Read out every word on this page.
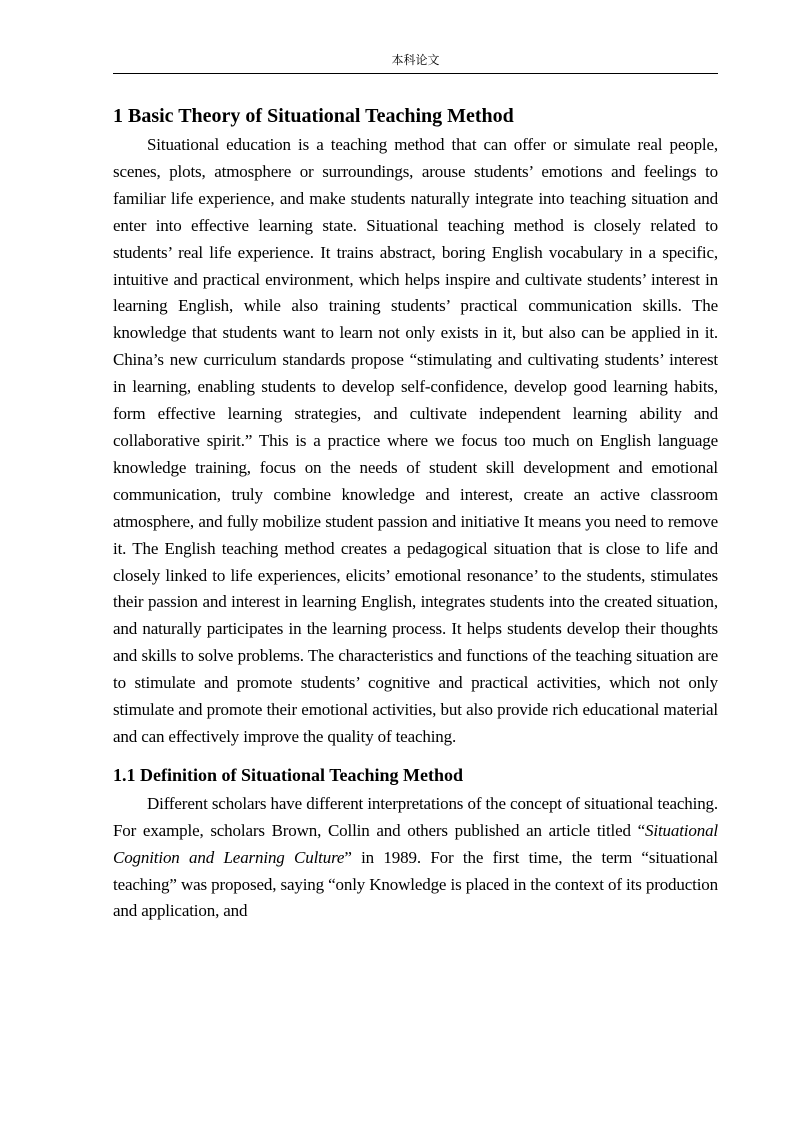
本科论文
1 Basic Theory of Situational Teaching Method

Situational education is a teaching method that can offer or simulate real people, scenes, plots, atmosphere or surroundings, arouse students’ emotions and feelings to familiar life experience, and make students naturally integrate into teaching situation and enter into effective learning state. Situational teaching method is closely related to students’ real life experience. It trains abstract, boring English vocabulary in a specific, intuitive and practical environment, which helps inspire and cultivate students’ interest in learning English, while also training students’ practical communication skills. The knowledge that students want to learn not only exists in it, but also can be applied in it. China’s new curriculum standards propose “stimulating and cultivating students’ interest in learning, enabling students to develop self-confidence, develop good learning habits, form effective learning strategies, and cultivate independent learning ability and collaborative spirit.” This is a practice where we focus too much on English language knowledge training, focus on the needs of student skill development and emotional communication, truly combine knowledge and interest, create an active classroom atmosphere, and fully mobilize student passion and initiative It means you need to remove it. The English teaching method creates a pedagogical situation that is close to life and closely linked to life experiences, elicits’ emotional resonance’ to the students, stimulates their passion and interest in learning English, integrates students into the created situation, and naturally participates in the learning process. It helps students develop their thoughts and skills to solve problems. The characteristics and functions of the teaching situation are to stimulate and promote students’ cognitive and practical activities, which not only stimulate and promote their emotional activities, but also provide rich educational material and can effectively improve the quality of teaching.

1.1 Definition of Situational Teaching Method

Different scholars have different interpretations of the concept of situational teaching. For example, scholars Brown, Collin and others published an article titled “Situational Cognition and Learning Culture” in 1989. For the first time, the term “situational teaching” was proposed, saying “only Knowledge is placed in the context of its production and application, and
